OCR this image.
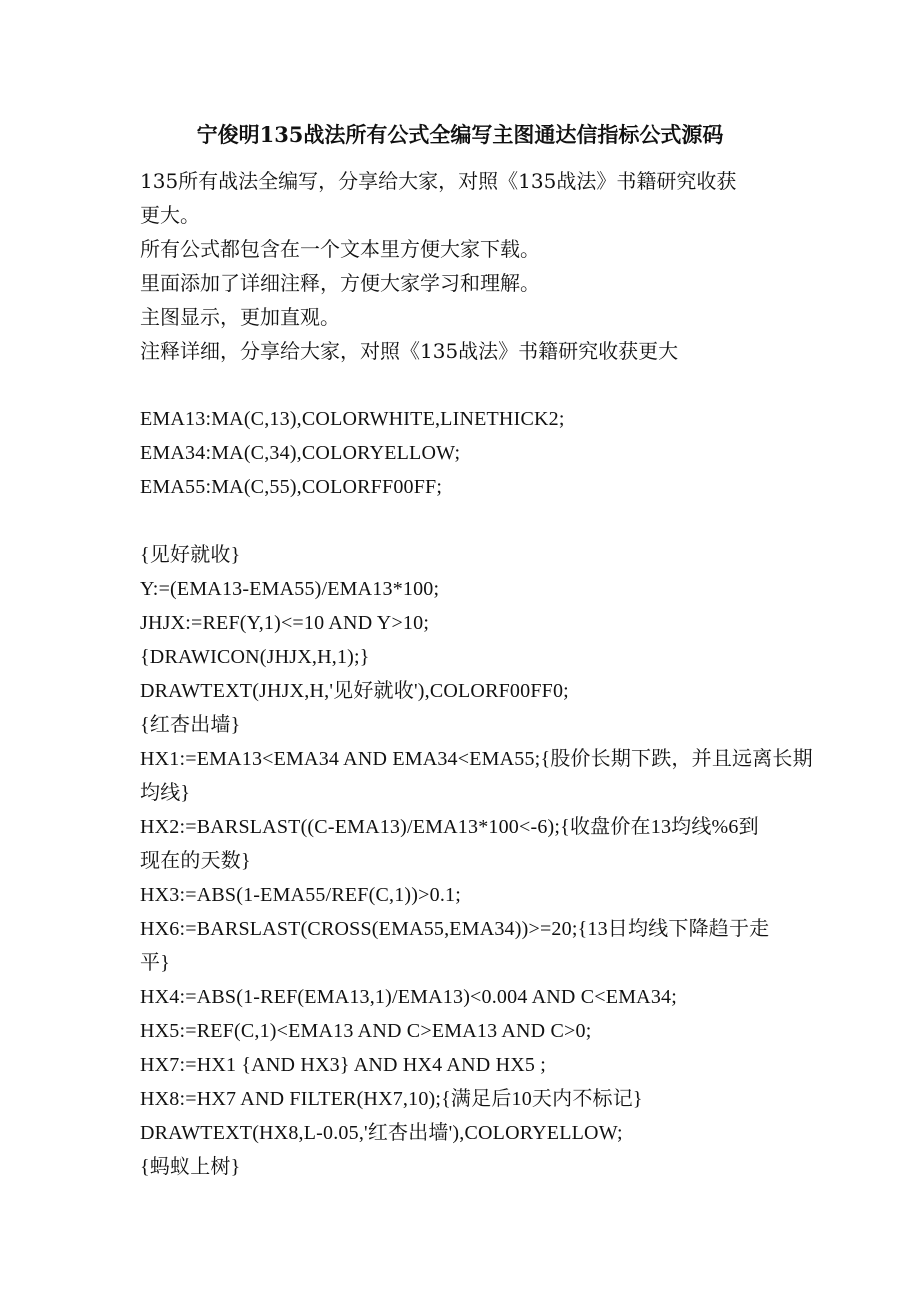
宁俊明135战法所有公式全编写主图通达信指标公式源码
135所有战法全编写，分享给大家，对照《135战法》书籍研究收获
更大。
所有公式都包含在一个文本里方便大家下载。
里面添加了详细注释，方便大家学习和理解。
主图显示，更加直观。
注释详细，分享给大家，对照《135战法》书籍研究收获更大
EMA13:MA(C,13),COLORWHITE,LINETHICK2;
EMA34:MA(C,34),COLORYELLOW;
EMA55:MA(C,55),COLORFF00FF;
{见好就收}
Y:=(EMA13-EMA55)/EMA13*100;
JHJX:=REF(Y,1)<=10 AND Y>10;
{DRAWICON(JHJX,H,1);}
DRAWTEXT(JHJX,H,'见好就收'),COLORF00FF0;
{红杏出墙}
HX1:=EMA13<EMA34 AND EMA34<EMA55;{股价长期下跌，并且远离长期
均线}
HX2:=BARSLAST((C-EMA13)/EMA13*100<-6);{收盘价在13均线%6到
现在的天数}
HX3:=ABS(1-EMA55/REF(C,1))>0.1;
HX6:=BARSLAST(CROSS(EMA55,EMA34))>=20;{13日均线下降趋于走
平}
HX4:=ABS(1-REF(EMA13,1)/EMA13)<0.004 AND C<EMA34;
HX5:=REF(C,1)<EMA13 AND C>EMA13 AND C>0;
HX7:=HX1 {AND HX3} AND HX4 AND HX5 ;
HX8:=HX7 AND FILTER(HX7,10);{满足后10天内不标记}
DRAWTEXT(HX8,L-0.05,'红杏出墙'),COLORYELLOW;
{蚂蚁上树}
